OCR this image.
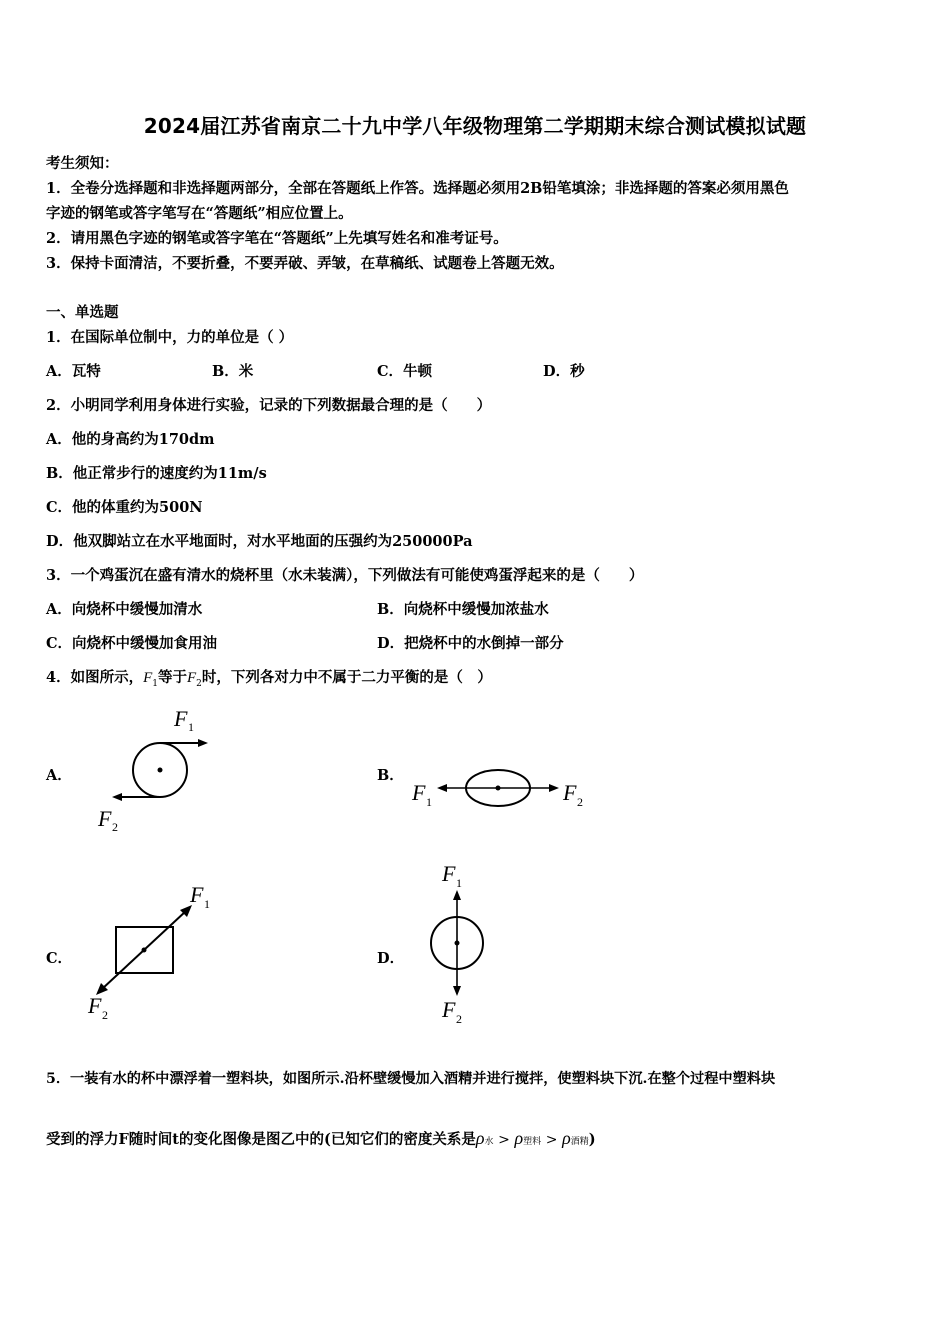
2024届江苏省南京二十九中学八年级物理第二学期期末综合测试模拟试题
考生须知：
1．全卷分选择题和非选择题两部分，全部在答题纸上作答。选择题必须用2B铅笔填涂；非选择题的答案必须用黑色
字迹的钢笔或答字笔写在“答题纸”相应位置上。
2．请用黑色字迹的钢笔或答字笔在“答题纸”上先填写姓名和准考证号。
3．保持卡面清洁，不要折叠，不要弄破、弄皱，在草稿纸、试题卷上答题无效。
一、单选题
1．在国际单位制中，力的单位是（ ）
A．瓦特	B．米	C．牛顿	D．秒
2．小明同学利用身体进行实验，记录的下列数据最合理的是（　　）
A．他的身高约为170dm
B．他正常步行的速度约为11m/s
C．他的体重约为500N
D．他双脚站立在水平地面时，对水平地面的压强约为250000Pa
3．一个鸡蛋沉在盛有清水的烧杯里（水未装满），下列做法有可能使鸡蛋浮起来的是（　　）
A．向烧杯中缓慢加清水	B．向烧杯中缓慢加浓盐水
C．向烧杯中缓慢加食用油	D．把烧杯中的水倒掉一部分
4．如图所示，$F_1$等于$F_2$时，下列各对力中不属于二力平衡的是（　）
A．	B．
C．	D．
F 1
F 2
F 1	F 2
F 1
F 2
F 1
F 2
5．一装有水的杯中漂浮着一塑料块，如图所示.沿杯壁缓慢加入酒精并进行搅拌，使塑料块下沉.在整个过程中塑料块
受到的浮力F随时间t的变化图像是图乙中的(已知它们的密度关系是ρ水 > ρ塑料 > ρ酒精)
